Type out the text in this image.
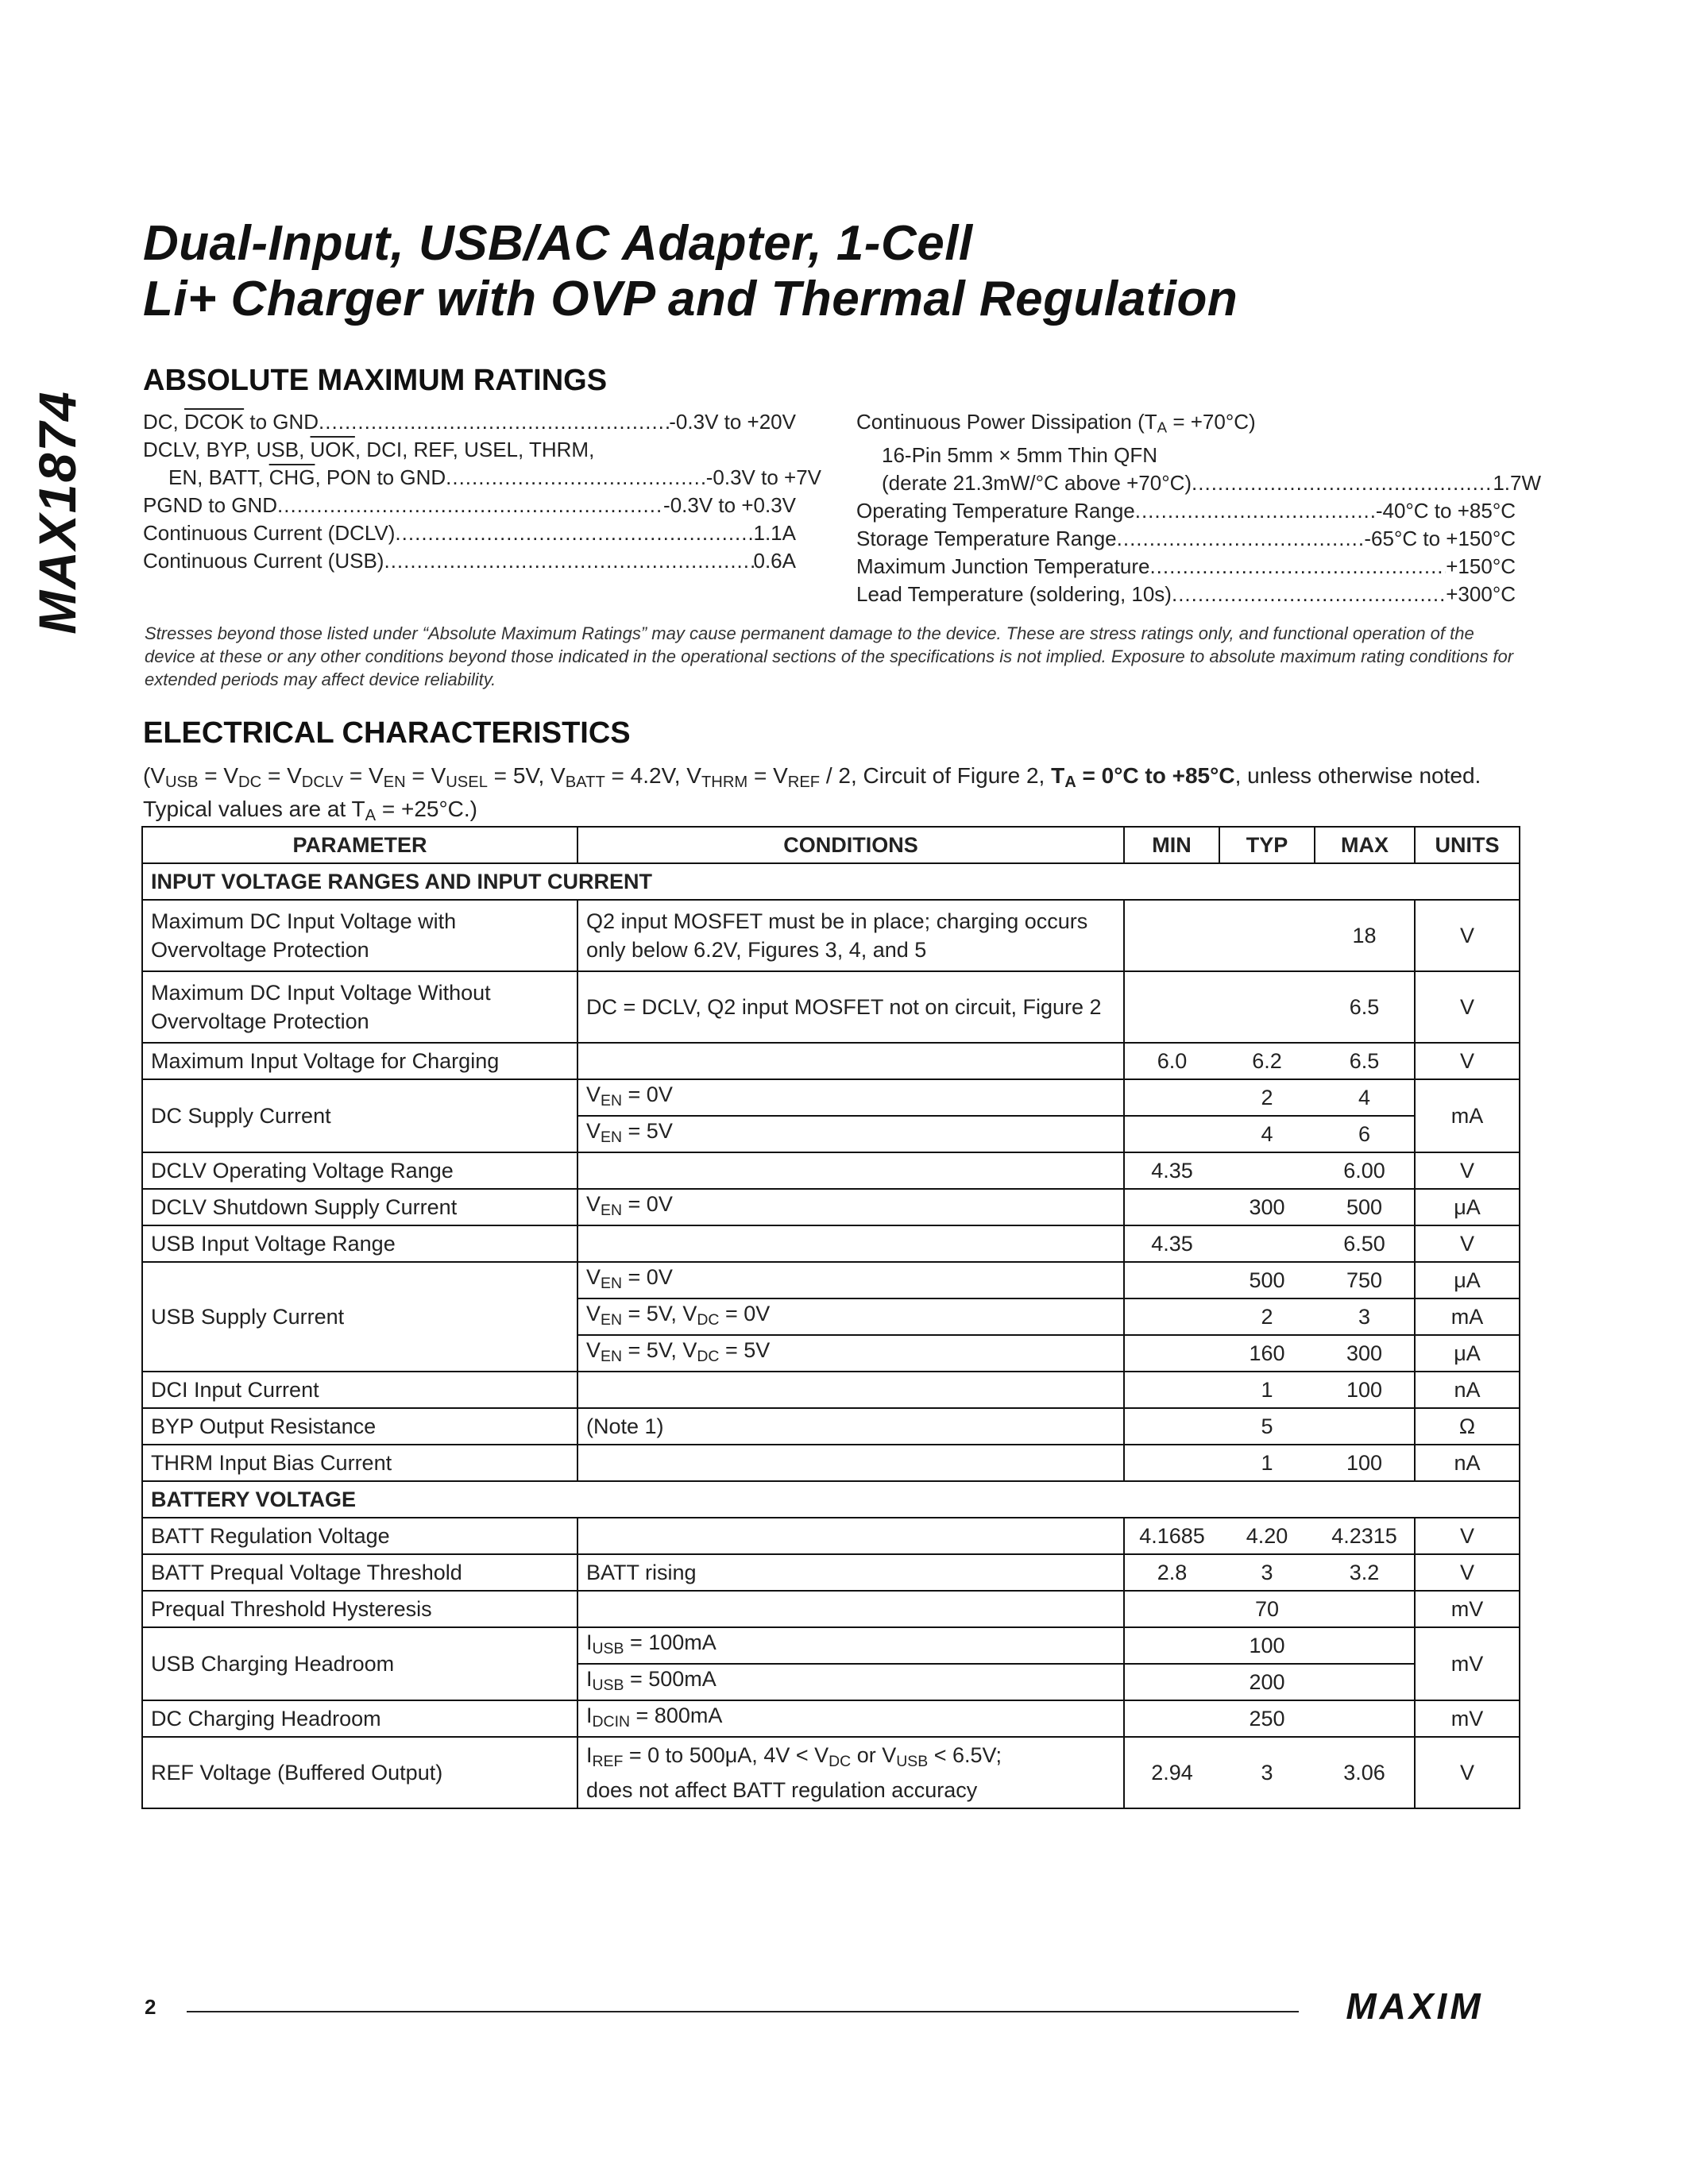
MAX1874
Dual-Input, USB/AC Adapter, 1-Cell
Li+ Charger with OVP and Thermal Regulation
ABSOLUTE MAXIMUM RATINGS
DC, DCOK to GND .....	-0.3V to +20V
DCLV, BYP, USB, $\overline{UOK}$, DCI, REF, USEL, THRM,
EN, BATT, $\overline{CHG}$, PON to GND .....	-0.3V to +7V
PGND to GND .....	-0.3V to +0.3V
Continuous Current (DCLV) .....	1.1A
Continuous Current (USB) .....	0.6A
Continuous Power Dissipation $(T_A = +70^\circ C)$
16-Pin 5mm × 5mm Thin QFN
(derate 21.3mW/°C above +70°C) .....	1.7W
Operating Temperature Range .....	-40°C to +85°C
Storage Temperature Range .....	-65°C to +150°C
Maximum Junction Temperature .....	+150°C
Lead Temperature (soldering, 10s) .....	+300°C
Stresses beyond those listed under “Absolute Maximum Ratings” may cause permanent damage to the device. These are stress ratings only, and functional operation of the device at these or any other conditions beyond those indicated in the operational sections of the specifications is not implied. Exposure to absolute maximum rating conditions for extended periods may affect device reliability.
ELECTRICAL CHARACTERISTICS
($V_{USB} = V_{DC} = V_{DCLV} = V_{EN} = V_{USEL} = 5V$, $V_{BATT} = 4.2V$, $V_{THRM} = V_{REF} / 2$, Circuit of Figure 2, $T_A = 0^\circ C$ to +85°C, unless otherwise noted. Typical values are at $T_A = +25^\circ C$.)
PARAMETER	CONDITIONS	MIN	TYP	MAX	UNITS
INPUT VOLTAGE RANGES AND INPUT CURRENT					
Maximum DC Input Voltage with Overvoltage Protection	Q2 input MOSFET must be in place; charging occurs only below 6.2V, Figures 3, 4, and 5			18	V
Maximum DC Input Voltage Without Overvoltage Protection	DC = DCLV, Q2 input MOSFET not on circuit, Figure 2			6.5	V
Maximum Input Voltage for Charging		6.0	6.2	6.5	V
DC Supply Current	$V_{EN} = 0V$		2	4	mA
	$V_{EN} = 5V$		4	6	
DCLV Operating Voltage Range		4.35		6.00	V
DCLV Shutdown Supply Current	$V_{EN} = 0V$		300	500	μA
USB Input Voltage Range		4.35		6.50	V
USB Supply Current	$V_{EN} = 0V$		500	750	μA
	$V_{EN} = 5V$, $V_{DC} = 0V$		2	3	mA
	$V_{EN} = 5V$, $V_{DC} = 5V$		160	300	μA
DCI Input Current			1	100	nA
BYP Output Resistance	(Note 1)		5		Ω
THRM Input Bias Current			1	100	nA
BATTERY VOLTAGE					
BATT Regulation Voltage		4.1685	4.20	4.2315	V
BATT Prequal Voltage Threshold	BATT rising	2.8	3	3.2	V
Prequal Threshold Hysteresis			70		mV
USB Charging Headroom	$I_{USB} = 100mA$		100		mV
	$I_{USB} = 500mA$		200		
DC Charging Headroom	$I_{DCIN} = 800mA$		250		mV
REF Voltage (Buffered Output)	$I_{REF} = 0$ to 500μA, $4V < V_{DC}$ or $V_{USB} < 6.5V$;
does not affect BATT regulation accuracy	2.94	3	3.06	V
2	MAXIM
